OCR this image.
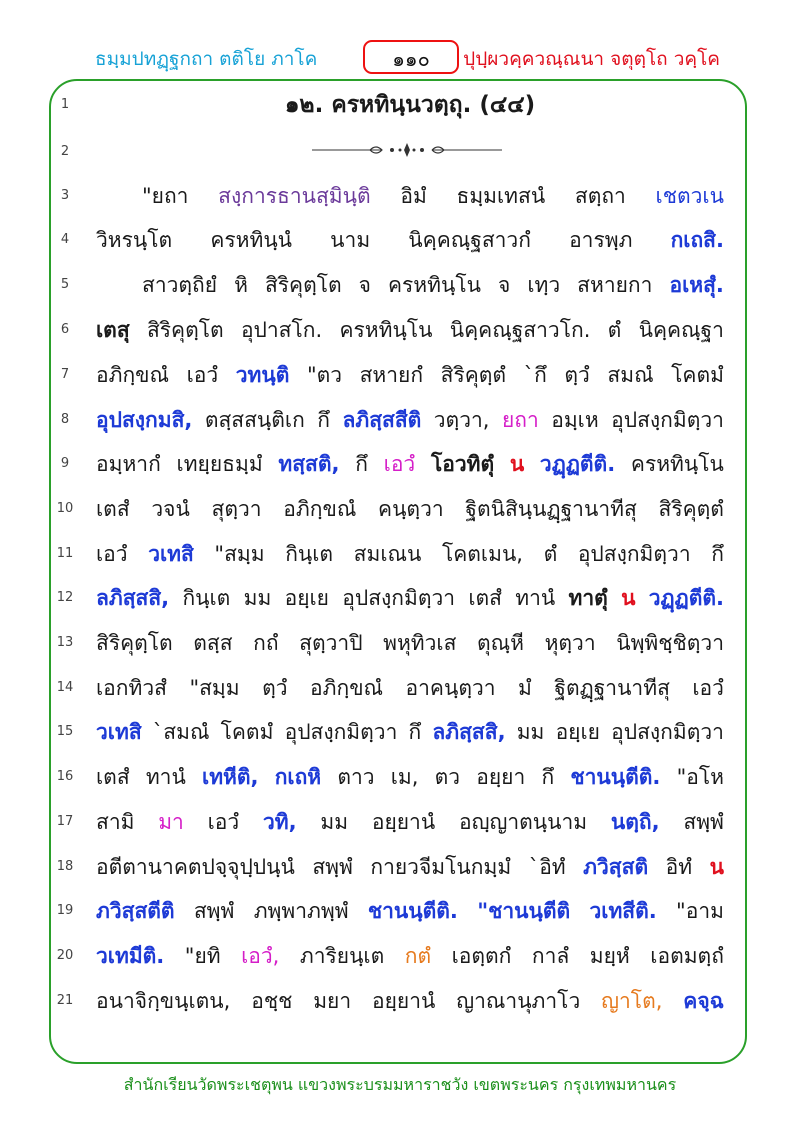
ธมฺมปทฏฺฐกถา ตติโย ภาโค	๑๑๐	ปุปฺผวคฺควณฺณนา จตุตฺโถ วคฺโค
1	๑๒. ครหทินฺนวตฺถุ. (๔๔)
2
3	"ยถา สงฺการธานสฺมินฺติ อิมํ ธมฺมเทสนํ สตฺถา เชตวเน
4	วิหรนฺโต ครหทินฺนํ นาม นิคฺคณฺฐสาวกํ อารพฺภ กเถสิ.
5	สาวตฺถิยํ หิ สิริคุตฺโต จ ครหทินฺโน จ เทฺว สหายกา อเหสุํ.
6	เตสุ สิริคุตฺโต อุปาสโก. ครหทินฺโน นิคฺคณฺฐสาวโก. ตํ นิคฺคณฺฐา
7	อภิกฺขณํ เอวํ วทนฺติ "ตว สหายกํ สิริคุตฺตํ `กึ ตฺวํ สมณํ โคตมํ
8	อุปสงฺกมสิ, ตสฺสสนฺติเก กึ ลภิสฺสสีติ วตฺวา, ยถา อมฺเห อุปสงฺกมิตฺวา
9	อมฺหากํ เทยฺยธมฺมํ ทสฺสติ, กึ เอวํ โอวทิตุํ น วฏฺฏตีติ. ครหทินฺโน
10 เตสํ วจนํ สุตฺวา อภิกฺขณํ คนฺตฺวา ฐิตนิสินฺนฏฺฐานาทีสุ สิริคุตฺตํ
11 เอวํ วเทสิ "สมฺม กินฺเต สมเณน โคตเมน, ตํ อุปสงฺกมิตฺวา กึ
12 ลภิสฺสสิ, กินฺเต มม อยฺเย อุปสงฺกมิตฺวา เตสํ ทานํ ทาตุํ น วฏฺฏตีติ.
13 สิริคุตฺโต ตสฺส กถํ สุตฺวาปิ พหุทิวเส ตุณฺหี หุตฺวา นิพฺพิชฺชิตฺวา
14 เอกทิวสํ "สมฺม ตฺวํ อภิกฺขณํ อาคนฺตฺวา มํ ฐิตฏฺฐานาทีสุ เอวํ
15 วเทสิ `สมณํ โคตมํ อุปสงฺกมิตฺวา กึ ลภิสฺสสิ, มม อยฺเย อุปสงฺกมิตฺวา
16 เตสํ ทานํ เทหีติ, กเถหิ ตาว เม, ตว อยฺยา กึ ชานนฺตีติ. "อโห
17 สามิ มา เอวํ วทิ, มม อยฺยานํ อญฺญาตนฺนาม นตฺถิ, สพฺพํ
18 อตีตานาคตปจฺจุปฺปนฺนํ สพฺพํ กายวจีมโนกมฺมํ `อิทํ ภวิสฺสติ อิทํ น
19 ภวิสฺสตีติ สพฺพํ ภพฺพาภพฺพํ ชานนฺตีติ. "ชานนฺตีติ วเทสีติ. "อาม
20 วเทมีติ. "ยทิ เอวํ, ภาริยนฺเต กตํ เอตฺตกํ กาลํ มยฺหํ เอตมตฺถํ
21 อนาจิกฺขนฺเตน, อชฺช มยา อยฺยานํ ญาณานุภาโว ญาโต, คจฺฉ
สำนักเรียนวัดพระเชตุพน แขวงพระบรมมหาราชวัง เขตพระนคร กรุงเทพมหานคร
